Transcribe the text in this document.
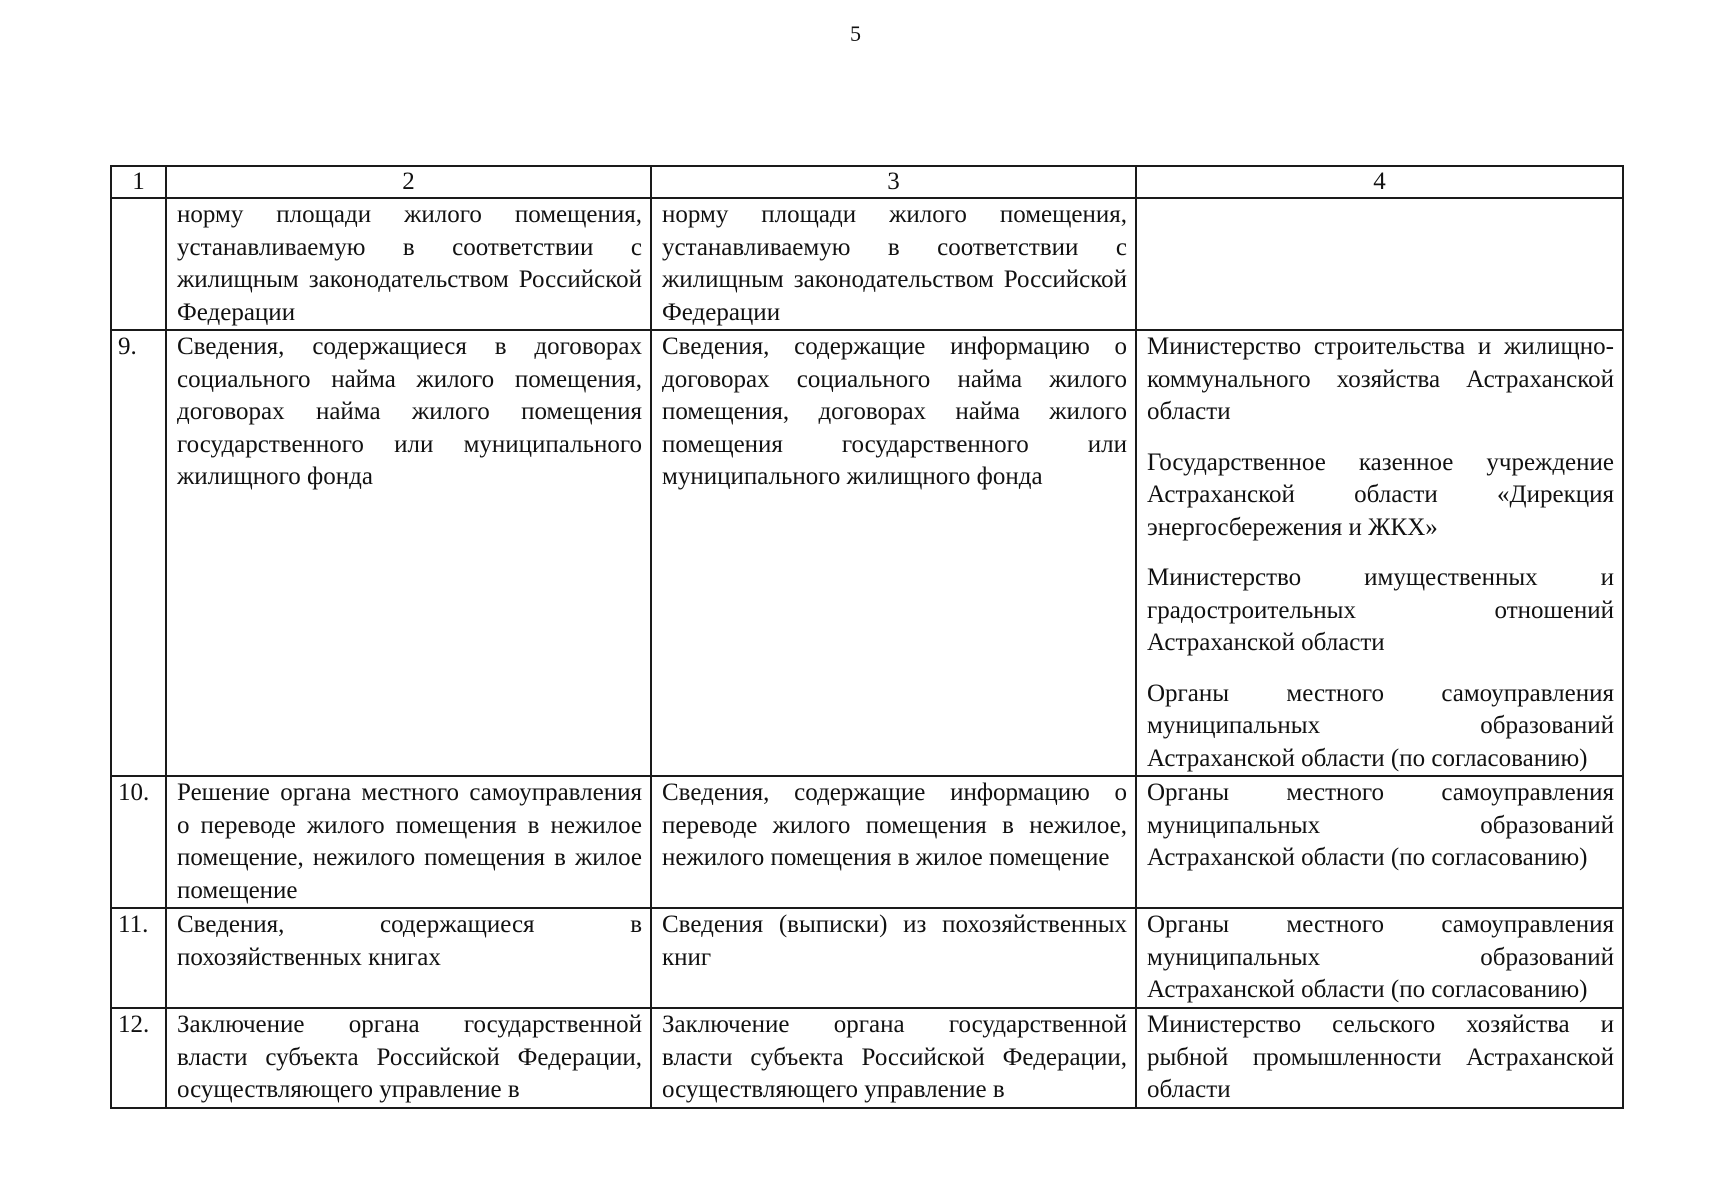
5
1	2	3	4
	норму площади жилого помещения, устанавливаемую в соответствии с жилищным законодательством Российской Федерации	норму площади жилого помещения, устанавливаемую в соответствии с жилищным законодательством Российской Федерации	
9.	Сведения, содержащиеся в договорах социального найма жилого помещения, договорах найма жилого помещения государственного или муниципального жилищного фонда	Сведения, содержащие информацию о договорах социального найма жилого помещения, договорах найма жилого помещения государственного или муниципального жилищного фонда	Министерство строительства и жилищно-коммунального хозяйства Астраханской области
Государственное казенное учреждение Астраханской области «Дирекция энергосбережения и ЖКХ»
Министерство имущественных и градостроительных отношений Астраханской области
Органы местного самоуправления муниципальных образований Астраханской области (по согласованию)

10.	Решение органа местного самоуправления о переводе жилого помещения в нежилое помещение, нежилого помещения в жилое помещение	Сведения, содержащие информацию о переводе жилого помещения в нежилое, нежилого помещения в жилое помещение	Органы местного самоуправления муниципальных образований Астраханской области (по согласованию)

11.	Сведения, содержащиеся в похозяйственных книгах	Сведения (выписки) из похозяйственных книг	Органы местного самоуправления муниципальных образований Астраханской области (по согласованию)

12.	Заключение органа государственной власти субъекта Российской Федерации, осуществляющего управление в	Заключение органа государственной власти субъекта Российской Федерации, осуществляющего управление в	Министерство сельского хозяйства и рыбной промышленности Астраханской области
